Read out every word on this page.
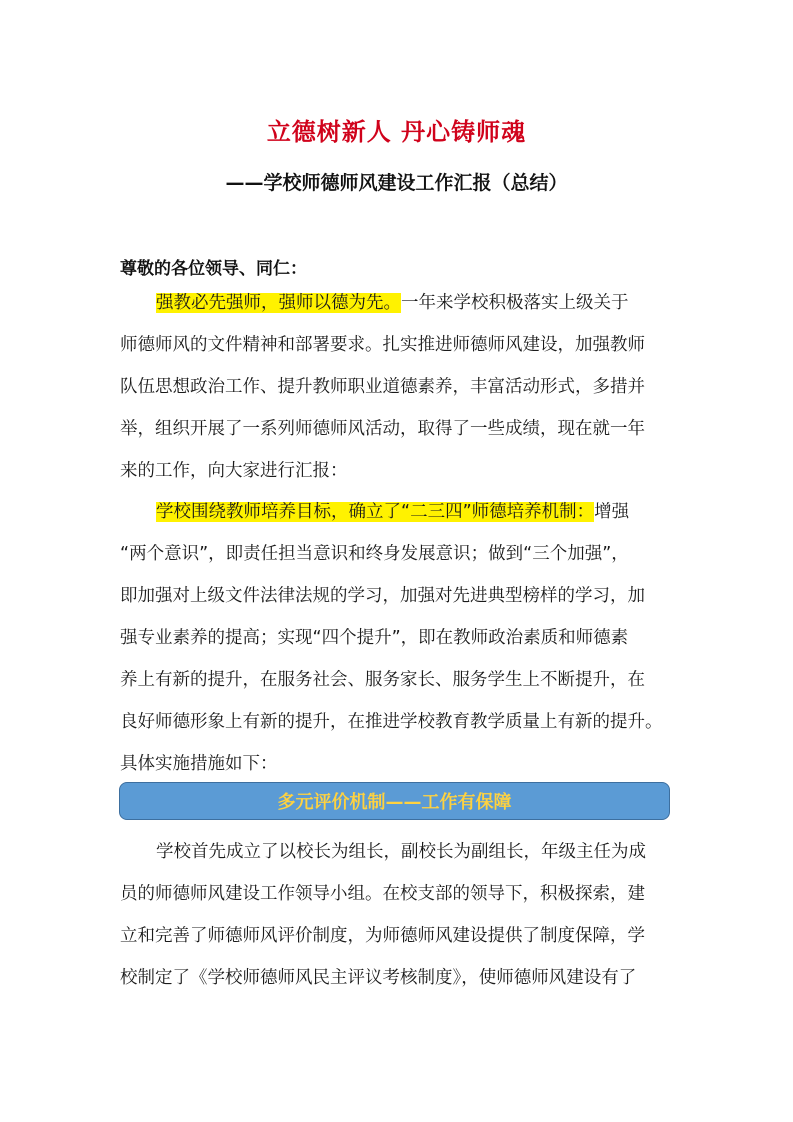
立德树新人 丹心铸师魂
——学校师德师风建设工作汇报（总结）
尊敬的各位领导、同仁：
强教必先强师，强师以德为先。一年来学校积极落实上级关于
师德师风的文件精神和部署要求。扎实推进师德师风建设，加强教师
队伍思想政治工作、提升教师职业道德素养，丰富活动形式，多措并
举，组织开展了一系列师德师风活动，取得了一些成绩，现在就一年
来的工作，向大家进行汇报：
学校围绕教师培养目标，确立了“二三四”师德培养机制：增强
“两个意识”，即责任担当意识和终身发展意识；做到“三个加强”，
即加强对上级文件法律法规的学习，加强对先进典型榜样的学习，加
强专业素养的提高；实现“四个提升”，即在教师政治素质和师德素
养上有新的提升，在服务社会、服务家长、服务学生上不断提升，在
良好师德形象上有新的提升，在推进学校教育教学质量上有新的提升。
具体实施措施如下：
多元评价机制——工作有保障
学校首先成立了以校长为组长，副校长为副组长，年级主任为成
员的师德师风建设工作领导小组。在校支部的领导下，积极探索，建
立和完善了师德师风评价制度，为师德师风建设提供了制度保障，学
校制定了《学校师德师风民主评议考核制度》，使师德师风建设有了
